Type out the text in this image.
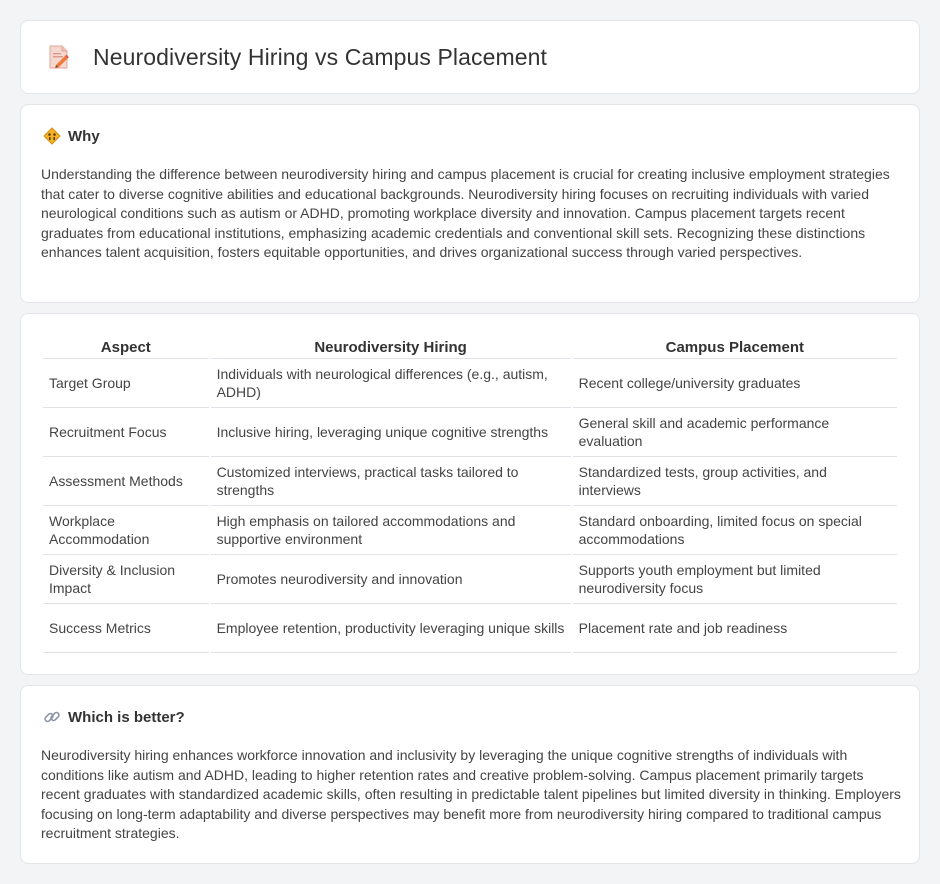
Neurodiversity Hiring vs Campus Placement
Why

Understanding the difference between neurodiversity hiring and campus placement is crucial for creating inclusive employment strategies that cater to diverse cognitive abilities and educational backgrounds. Neurodiversity hiring focuses on recruiting individuals with varied neurological conditions such as autism or ADHD, promoting workplace diversity and innovation. Campus placement targets recent graduates from educational institutions, emphasizing academic credentials and conventional skill sets. Recognizing these distinctions enhances talent acquisition, fosters equitable opportunities, and drives organizational success through varied perspectives.

Aspect	Neurodiversity Hiring	Campus Placement
Target Group	Individuals with neurological differences (e.g., autism, ADHD)	Recent college/university graduates
Recruitment Focus	Inclusive hiring, leveraging unique cognitive strengths	General skill and academic performance evaluation
Assessment Methods	Customized interviews, practical tasks tailored to strengths	Standardized tests, group activities, and interviews
Workplace Accommodation	High emphasis on tailored accommodations and supportive environment	Standard onboarding, limited focus on special accommodations
Diversity & Inclusion Impact	Promotes neurodiversity and innovation	Supports youth employment but limited neurodiversity focus
Success Metrics	Employee retention, productivity leveraging unique skills	Placement rate and job readiness
Which is better?

Neurodiversity hiring enhances workforce innovation and inclusivity by leveraging the unique cognitive strengths of individuals with conditions like autism and ADHD, leading to higher retention rates and creative problem-solving. Campus placement primarily targets recent graduates with standardized academic skills, often resulting in predictable talent pipelines but limited diversity in thinking. Employers focusing on long-term adaptability and diverse perspectives may benefit more from neurodiversity hiring compared to traditional campus recruitment strategies.
